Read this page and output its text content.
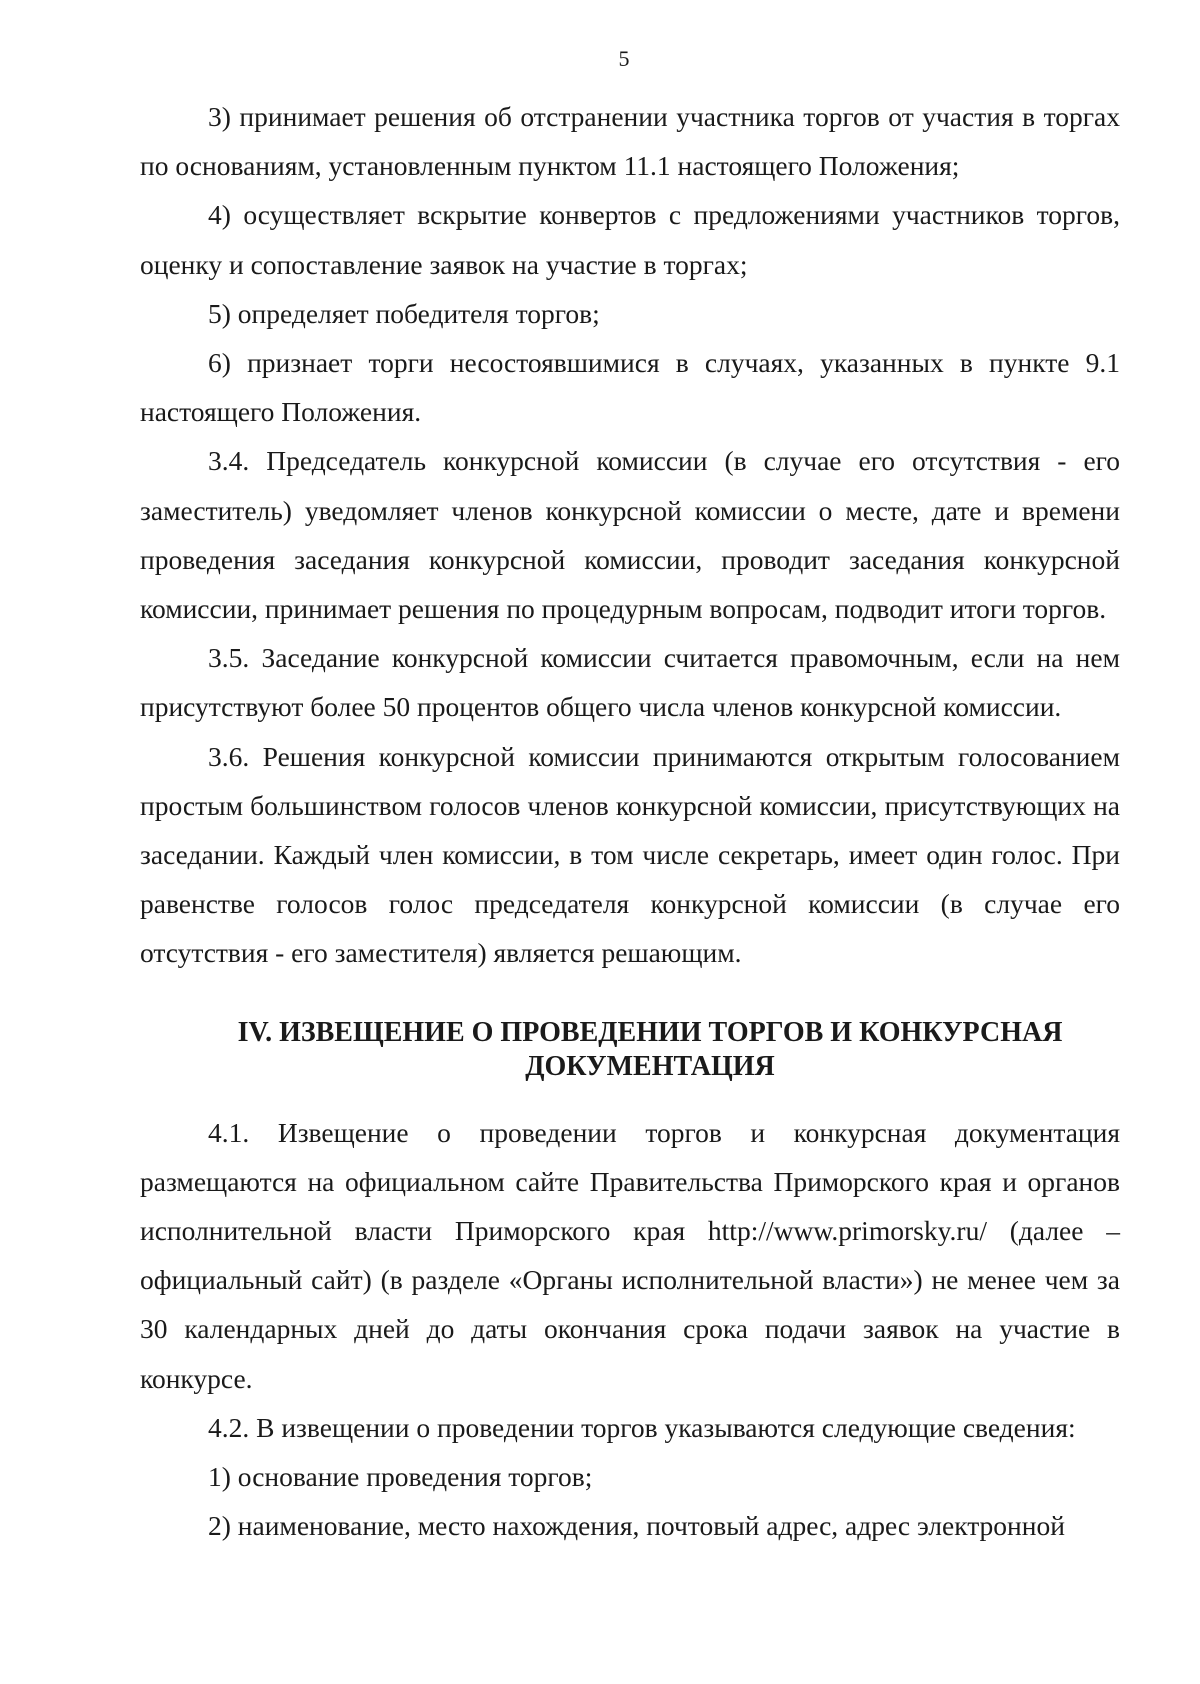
5

3) принимает решения об отстранении участника торгов от участия в торгах по основаниям, установленным пунктом 11.1 настоящего Положения;

4) осуществляет вскрытие конвертов с предложениями участников торгов, оценку и сопоставление заявок на участие в торгах;

5) определяет победителя торгов;

6) признает торги несостоявшимися в случаях, указанных в пункте 9.1 настоящего Положения.

3.4. Председатель конкурсной комиссии (в случае его отсутствия - его заместитель) уведомляет членов конкурсной комиссии о месте, дате и времени проведения заседания конкурсной комиссии, проводит заседания конкурсной комиссии, принимает решения по процедурным вопросам, подводит итоги торгов.

3.5. Заседание конкурсной комиссии считается правомочным, если на нем присутствуют более 50 процентов общего числа членов конкурсной комиссии.

3.6. Решения конкурсной комиссии принимаются открытым голосованием простым большинством голосов членов конкурсной комиссии, присутствующих на заседании. Каждый член комиссии, в том числе секретарь, имеет один голос. При равенстве голосов голос председателя конкурсной комиссии (в случае его отсутствия - его заместителя) является решающим.

IV. ИЗВЕЩЕНИЕ О ПРОВЕДЕНИИ ТОРГОВ И КОНКУРСНАЯ
ДОКУМЕНТАЦИЯ

4.1. Извещение о проведении торгов и конкурсная документация размещаются на официальном сайте Правительства Приморского края и органов исполнительной власти Приморского края http://www.primorsky.ru/ (далее – официальный сайт) (в разделе «Органы исполнительной власти») не менее чем за 30 календарных дней до даты окончания срока подачи заявок на участие в конкурсе.

4.2. В извещении о проведении торгов указываются следующие сведения:

1) основание проведения торгов;

2) наименование, место нахождения, почтовый адрес, адрес электронной
